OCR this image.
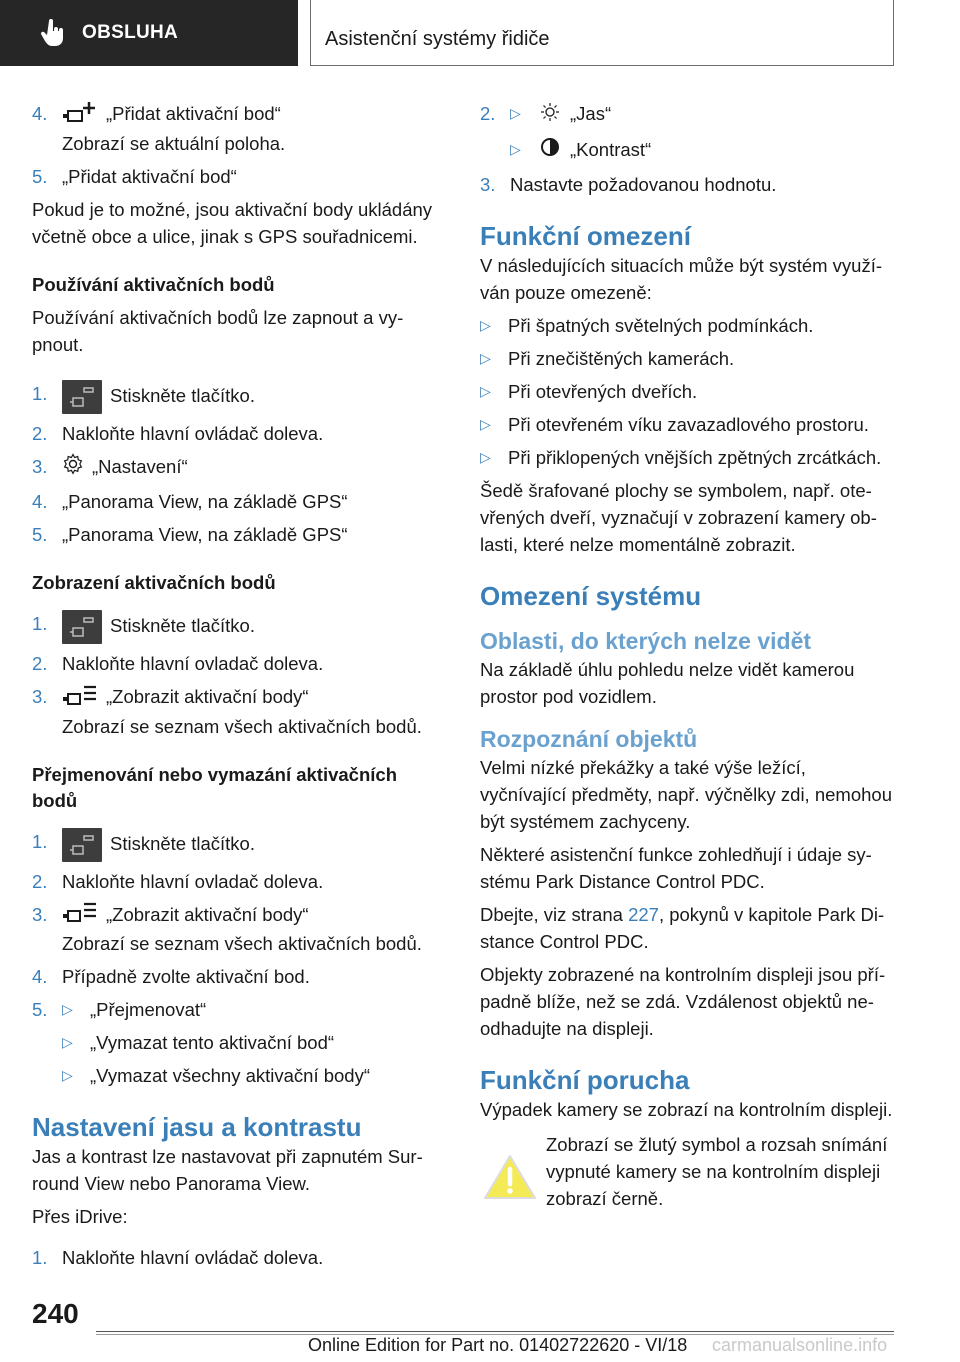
OBSLUHA	Asistenční systémy řidiče
4.	„Přidat aktivační bod“
Zobrazí se aktuální poloha.
5. „Přidat aktivační bod“

Pokud je to možné, jsou aktivační body ukládány včetně obce a ulice, jinak s GPS souřadnicemi.

Používání aktivačních bodů

Používání aktivačních bodů lze zapnout a vypnout.

1.	Stiskněte tlačítko.
2. Nakloňte hlavní ovládač doleva.
3.	„Nastavení“
4. „Panorama View, na základě GPS“
5. „Panorama View, na základě GPS“
Zobrazení aktivačních bodů
1.	Stiskněte tlačítko.
2. Nakloňte hlavní ovladač doleva.
3.	„Zobrazit aktivační body“
Zobrazí se seznam všech aktivačních bodů.
Přejmenování nebo vymazání aktivačních bodů
1.	Stiskněte tlačítko.
2. Nakloňte hlavní ovladač doleva.
3.	„Zobrazit aktivační body“
Zobrazí se seznam všech aktivačních bodů.
4. Případně zvolte aktivační bod.
5.	▷ „Přejmenovat“
▷ „Vymazat tento aktivační bod“
▷ „Vymazat všechny aktivační body“
Nastavení jasu a kontrastu

Jas a kontrast lze nastavovat při zapnutém Surround View nebo Panorama View.

Přes iDrive:

1. Nakloňte hlavní ovládač doleva.
2.	▷	„Jas“
▷	„Kontrast“
3. Nastavte požadovanou hodnotu.
Funkční omezení

V následujících situacích může být systém využíván pouze omezeně:

▷ Při špatných světelných podmínkách.
▷ Při znečištěných kamerách.
▷ Při otevřených dveřích.
▷ Při otevřeném víku zavazadlového prostoru.
▷ Při přiklopených vnějších zpětných zrcátkách.

Šedě šrafované plochy se symbolem, např. otevřených dveří, vyznačují v zobrazení kamery oblasti, které nelze momentálně zobrazit.

Omezení systému
Oblasti, do kterých nelze vidět

Na základě úhlu pohledu nelze vidět kamerou prostor pod vozidlem.

Rozpoznání objektů

Velmi nízké překážky a také výše ležící, vyčnívající předměty, např. výčnělky zdi, nemohou být systémem zachyceny.

Některé asistenční funkce zohledňují i údaje systému Park Distance Control PDC.

Dbejte, viz strana 227, pokynů v kapitole Park Distance Control PDC.

Objekty zobrazené na kontrolním displeji jsou případně blíže, než se zdá. Vzdálenost objektů neodhadujte na displeji.

Funkční porucha

Výpadek kamery se zobrazí na kontrolním displeji.

Zobrazí se žlutý symbol a rozsah snímání vypnuté kamery se na kontrolním displeji zobrazí černě.

240
Online Edition for Part no. 01402722620 - VI/18 carmanualsonline.info
